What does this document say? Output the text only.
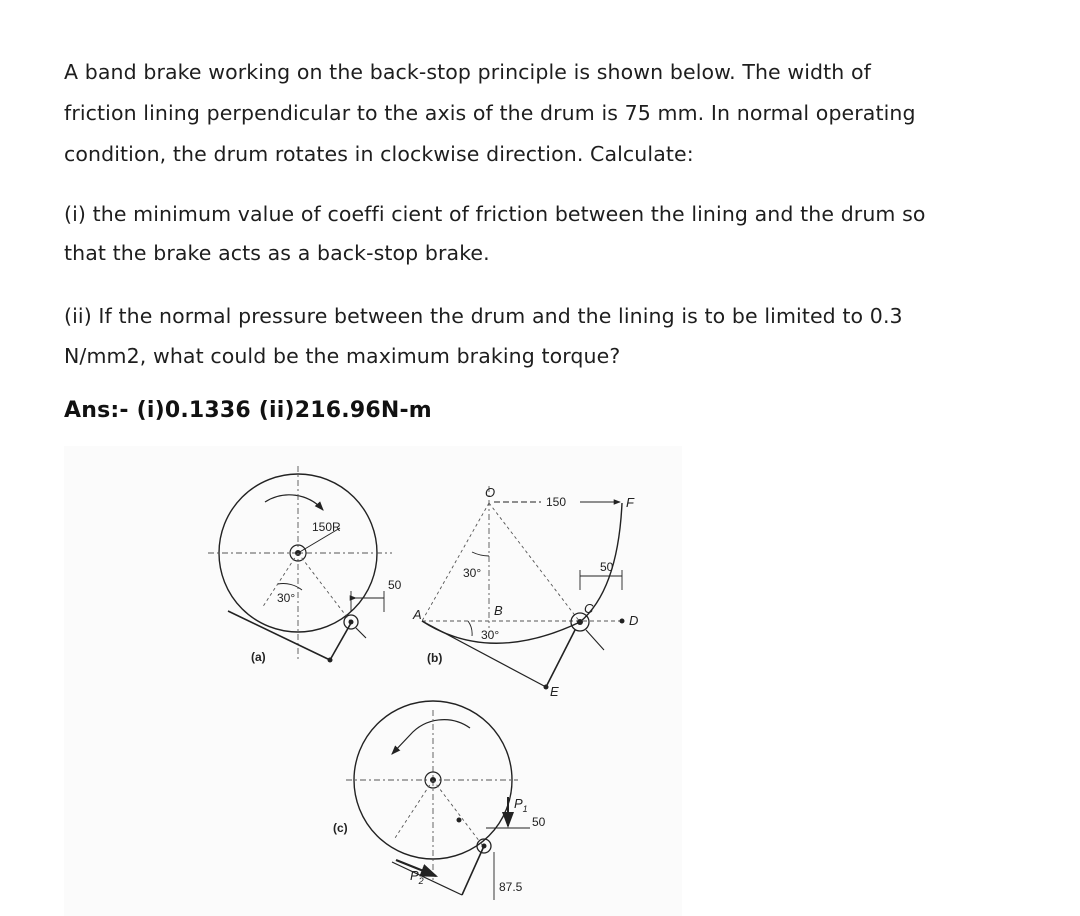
A band brake working on the back-stop principle is shown below. The width of
friction lining perpendicular to the axis of the drum is 75 mm. In normal operating
condition, the drum rotates in clockwise direction. Calculate:
(i) the minimum value of coeffi cient of friction between the lining and the drum so
that the brake acts as a back-stop brake.
(ii) If the normal pressure between the drum and the lining is to be limited to 0.3
N/mm2, what could be the maximum braking torque?
Ans:- (i)0.1336 (ii)216.96N-m
150R
30°
50
(a)
O
150	F
30°
B
30°
A	C
D
E
50
(b)
$P_1$
50
$P_2$	87.5
(c)
